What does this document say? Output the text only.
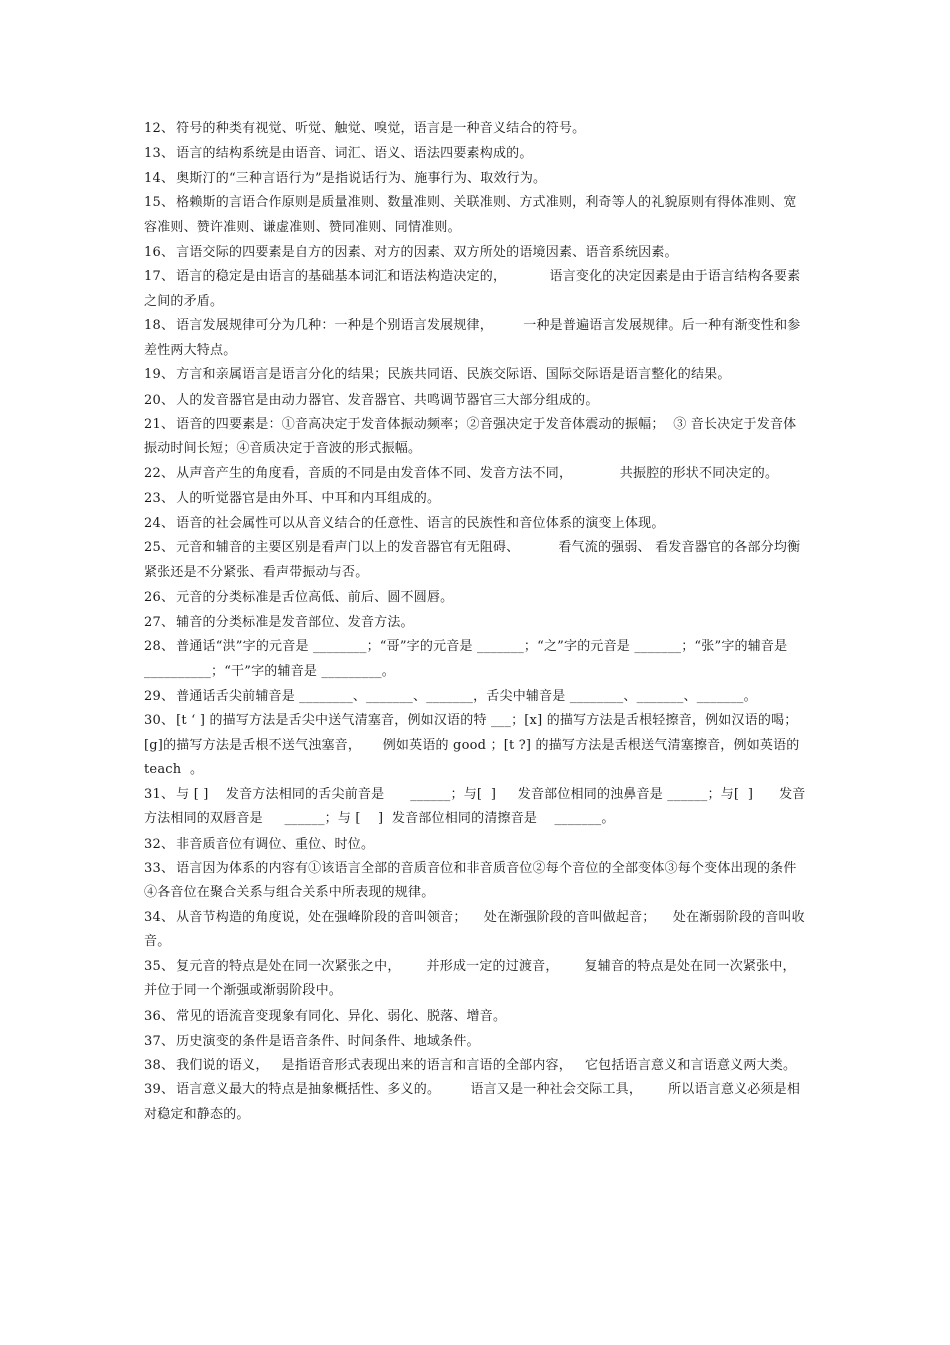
12、 符号的种类有视觉、听觉、触觉、嗅觉，语言是一种音义结合的符号。

13、 语言的结构系统是由语音、词汇、语义、语法四要素构成的。

14、 奥斯汀的“三种言语行为”是指说话行为、施事行为、取效行为。

15、 格赖斯的言语合作原则是质量准则、数量准则、关联准则、方式准则，利奇等人的礼貌原则有得体准则、宽容准则、赞许准则、谦虚准则、赞同准则、同情准则。

16、 言语交际的四要素是自方的因素、对方的因素、双方所处的语境因素、语音系统因素。

17、 语言的稳定是由语言的基础基本词汇和语法构造决定的，          语言变化的决定因素是由于语言结构各要素之间的矛盾。

18、 语言发展规律可分为几种：一种是个别语言发展规律，       一种是普遍语言发展规律。后一种有渐变性和参差性两大特点。

19、 方言和亲属语言是语言分化的结果；民族共同语、民族交际语、国际交际语是语言整化的结果。

20、 人的发音器官是由动力器官、发音器官、共鸣调节器官三大部分组成的。

21、 语音的四要素是：①音高决定于发音体振动频率；②音强决定于发音体震动的振幅；  ③ 音长决定于发音体振动时间长短；④音质决定于音波的形式振幅。

22、 从声音产生的角度看，音质的不同是由发音体不同、发音方法不同，           共振腔的形状不同决定的。

23、 人的听觉器官是由外耳、中耳和内耳组成的。

24、 语音的社会属性可以从音义结合的任意性、语言的民族性和音位体系的演变上体现。

25、 元音和辅音的主要区别是看声门以上的发音器官有无阻碍、         看气流的强弱、 看发音器官的各部分均衡紧张还是不分紧张、看声带振动与否。

26、 元音的分类标准是舌位高低、前后、圆不圆唇。

27、 辅音的分类标准是发音部位、发音方法。

28、 普通话“洪”字的元音是 ________；“哥”字的元音是 _______；“之”字的元音是 _______；“张”字的辅音是 __________；“干”字的辅音是 _________。

29、 普通话舌尖前辅音是 ________、_______、_______，舌尖中辅音是 ________、_______、_______。

30、 [t ‘ ] 的描写方法是舌尖中送气清塞音，例如汉语的特 ___；[x] 的描写方法是舌根轻擦音，例如汉语的喝；  [g]的描写方法是舌根不送气浊塞音，     例如英语的 good ；[t ?] 的描写方法是舌根送气清塞擦音，例如英语的 teach  。

31、 与 [ ]    发音方法相同的舌尖前音是      ______；与[  ]     发音部位相同的浊鼻音是 ______；与[  ]      发音方法相同的双唇音是     ______；与 [    ]  发音部位相同的清擦音是    _______。

32、 非音质音位有调位、重位、时位。

33、 语言因为体系的内容有①该语言全部的音质音位和非音质音位②每个音位的全部变体③每个变体出现的条件④各音位在聚合关系与组合关系中所表现的规律。

34、 从音节构造的角度说，处在强峰阶段的音叫领音；    处在渐强阶段的音叫做起音；    处在渐弱阶段的音叫收音。

35、 复元音的特点是处在同一次紧张之中，      并形成一定的过渡音，      复辅音的特点是处在同一次紧张中，并位于同一个渐强或渐弱阶段中。

36、 常见的语流音变现象有同化、异化、弱化、脱落、增音。

37、 历史演变的条件是语音条件、时间条件、地域条件。

38、 我们说的语义，   是指语音形式表现出来的语言和言语的全部内容，   它包括语言意义和言语意义两大类。

39、 语言意义最大的特点是抽象概括性、多义的。       语言又是一种社会交际工具，      所以语言意义必须是相对稳定和静态的。
